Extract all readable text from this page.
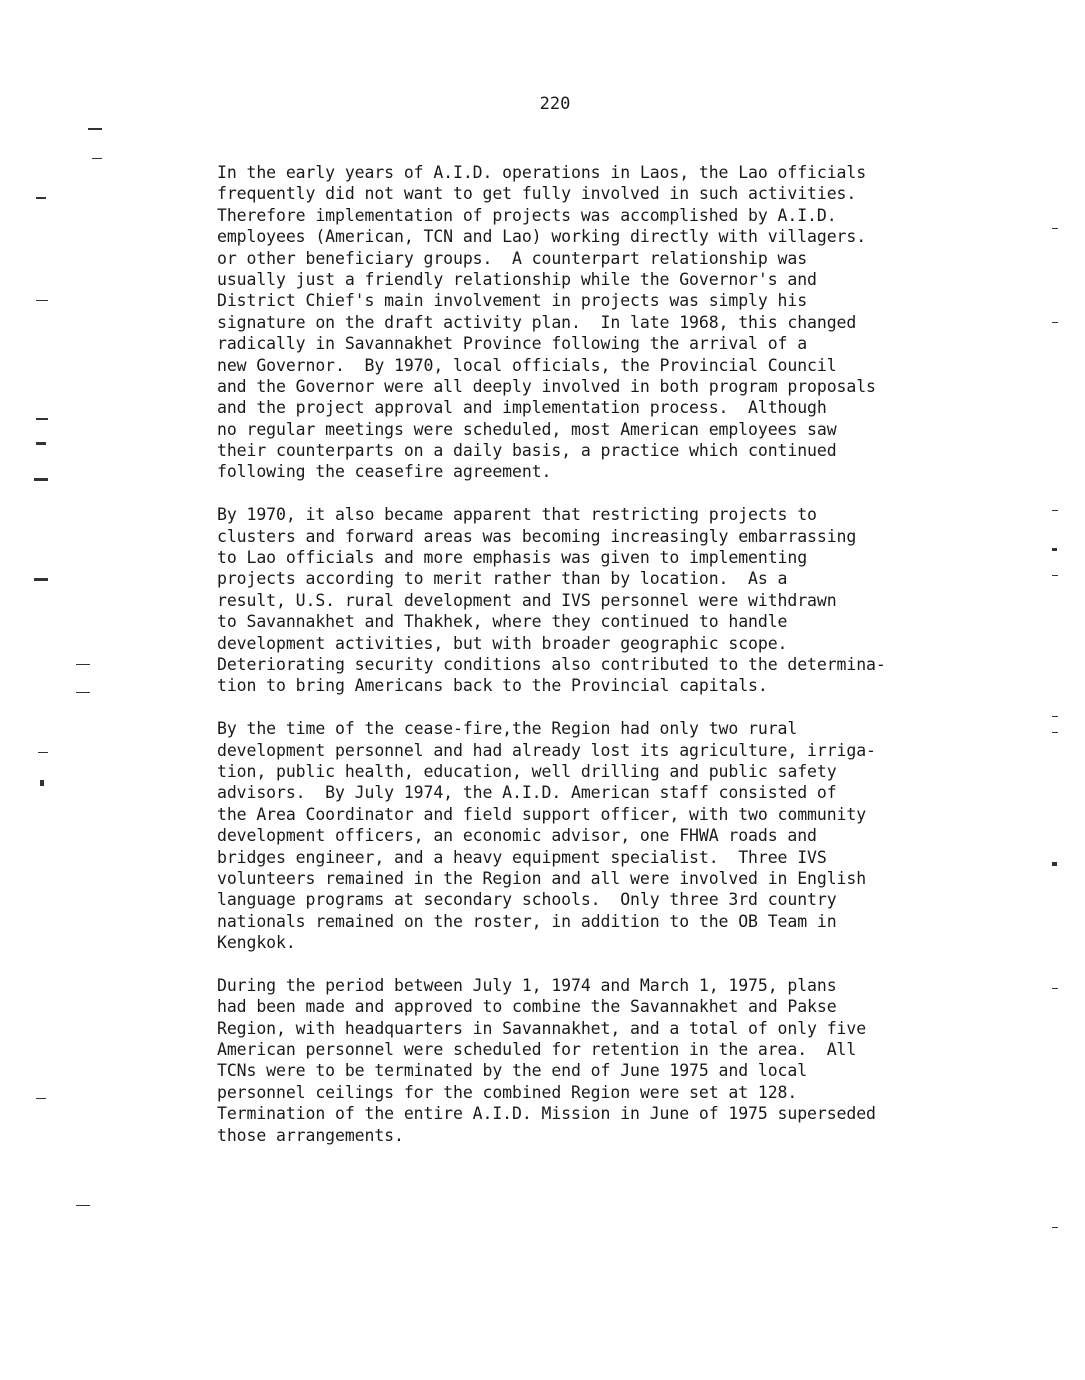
220
In the early years of A.I.D. operations in Laos, the Lao officials
frequently did not want to get fully involved in such activities.
Therefore implementation of projects was accomplished by A.I.D.
employees (American, TCN and Lao) working directly with villagers.
or other beneficiary groups.  A counterpart relationship was
usually just a friendly relationship while the Governor's and
District Chief's main involvement in projects was simply his
signature on the draft activity plan.  In late 1968, this changed
radically in Savannakhet Province following the arrival of a
new Governor.  By 1970, local officials, the Provincial Council
and the Governor were all deeply involved in both program proposals
and the project approval and implementation process.  Although
no regular meetings were scheduled, most American employees saw
their counterparts on a daily basis, a practice which continued
following the ceasefire agreement.
By 1970, it also became apparent that restricting projects to
clusters and forward areas was becoming increasingly embarrassing
to Lao officials and more emphasis was given to implementing
projects according to merit rather than by location.  As a
result, U.S. rural development and IVS personnel were withdrawn
to Savannakhet and Thakhek, where they continued to handle
development activities, but with broader geographic scope.
Deteriorating security conditions also contributed to the determina-
tion to bring Americans back to the Provincial capitals.
By the time of the cease-fire,the Region had only two rural
development personnel and had already lost its agriculture, irriga-
tion, public health, education, well drilling and public safety
advisors.  By July 1974, the A.I.D. American staff consisted of
the Area Coordinator and field support officer, with two community
development officers, an economic advisor, one FHWA roads and
bridges engineer, and a heavy equipment specialist.  Three IVS
volunteers remained in the Region and all were involved in English
language programs at secondary schools.  Only three 3rd country
nationals remained on the roster, in addition to the OB Team in
Kengkok.
During the period between July 1, 1974 and March 1, 1975, plans
had been made and approved to combine the Savannakhet and Pakse
Region, with headquarters in Savannakhet, and a total of only five
American personnel were scheduled for retention in the area.  All
TCNs were to be terminated by the end of June 1975 and local
personnel ceilings for the combined Region were set at 128.
Termination of the entire A.I.D. Mission in June of 1975 superseded
those arrangements.
